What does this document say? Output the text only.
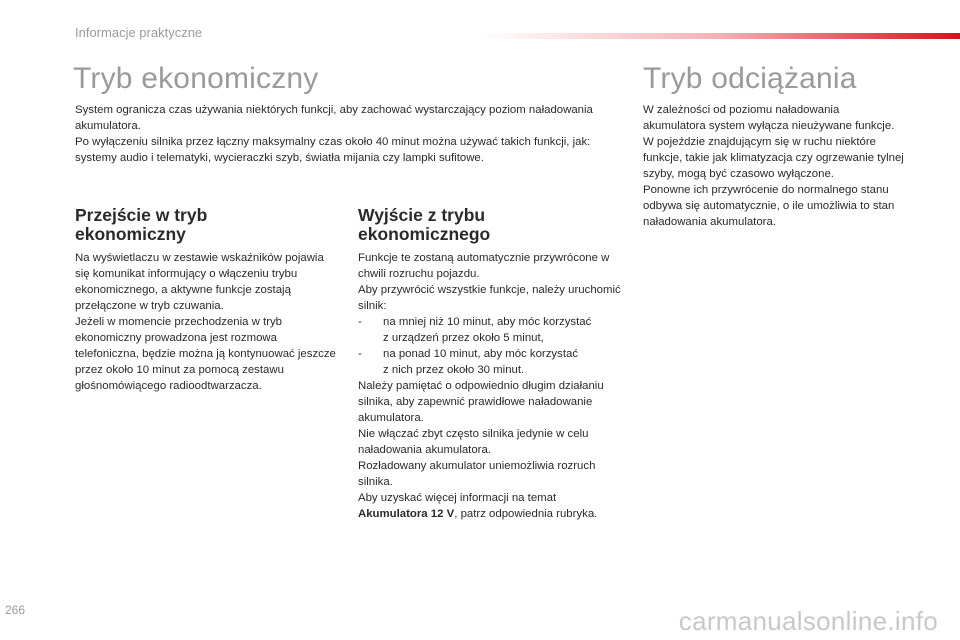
Informacje praktyczne
Tryb ekonomiczny

System ogranicza czas używania niektórych funkcji, aby zachować wystarczający poziom naładowania akumulatora.

Po wyłączeniu silnika przez łączny maksymalny czas około 40 minut można używać takich funkcji, jak: systemy audio i telematyki, wycieraczki szyb, światła mijania czy lampki sufitowe.

Przejście w tryb
ekonomiczny

Na wyświetlaczu w zestawie wskaźników pojawia się komunikat informujący o włączeniu trybu ekonomicznego, a aktywne funkcje zostają przełączone w tryb czuwania.

Jeżeli w momencie przechodzenia w tryb ekonomiczny prowadzona jest rozmowa telefoniczna, będzie można ją kontynuować jeszcze przez około 10 minut za pomocą zestawu głośnomówiącego radioodtwarzacza.

Wyjście z trybu
ekonomicznego

Funkcje te zostaną automatycznie przywrócone w chwili rozruchu pojazdu.

Aby przywrócić wszystkie funkcje, należy uruchomić silnik:

-	na mniej niż 10 minut, aby móc korzystać
z urządzeń przez około 5 minut,
-	na ponad 10 minut, aby móc korzystać
z nich przez około 30 minut.

Należy pamiętać o odpowiednio długim działaniu silnika, aby zapewnić prawidłowe naładowanie akumulatora.

Nie włączać zbyt często silnika jedynie w celu naładowania akumulatora.

Rozładowany akumulator uniemożliwia rozruch silnika.

Aby uzyskać więcej informacji na temat
Akumulatora 12 V, patrz odpowiednia rubryka.

Tryb odciążania

W zależności od poziomu naładowania akumulatora system wyłącza nieużywane funkcje.

W pojeździe znajdującym się w ruchu niektóre funkcje, takie jak klimatyzacja czy ogrzewanie tylnej szyby, mogą być czasowo wyłączone.

Ponowne ich przywrócenie do normalnego stanu odbywa się automatycznie, o ile umożliwia to stan naładowania akumulatora.

266	carmanualsonline.info
